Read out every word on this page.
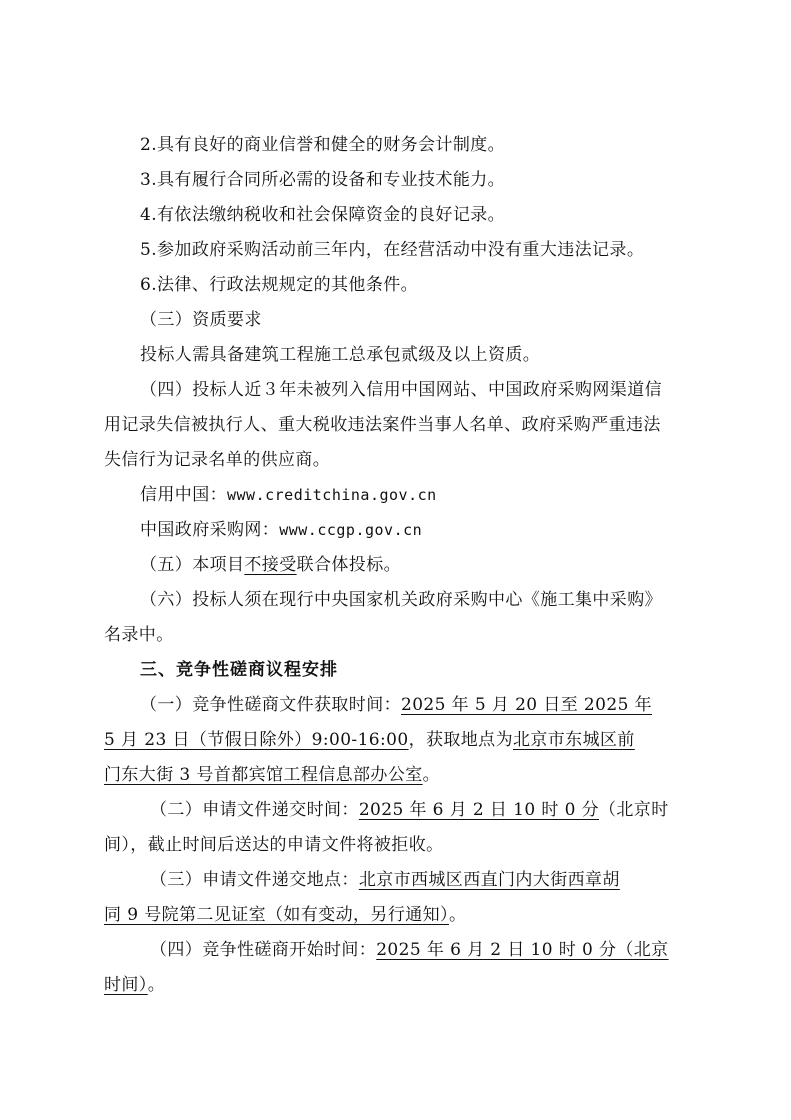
2.具有良好的商业信誉和健全的财务会计制度。
3.具有履行合同所必需的设备和专业技术能力。
4.有依法缴纳税收和社会保障资金的良好记录。
5.参加政府采购活动前三年内，在经营活动中没有重大违法记录。
6.法律、行政法规规定的其他条件。
（三）资质要求
投标人需具备建筑工程施工总承包贰级及以上资质。
（四）投标人近３年未被列入信用中国网站、中国政府采购网渠道信
用记录失信被执行人、重大税收违法案件当事人名单、政府采购严重违法
失信行为记录名单的供应商。
信用中国：www.creditchina.gov.cn
中国政府采购网：www.ccgp.gov.cn
（五）本项目不接受联合体投标。
（六）投标人须在现行中央国家机关政府采购中心《施工集中采购》
名录中。
三、竞争性磋商议程安排
（一）竞争性磋商文件获取时间：2025 年 5 月 20 日至 2025 年
5 月 23 日（节假日除外）9:00-16:00，获取地点为北京市东城区前
门东大街 3 号首都宾馆工程信息部办公室。
（二）申请文件递交时间：2025 年 6 月 2 日 10 时 0 分（北京时
间），截止时间后送达的申请文件将被拒收。
（三）申请文件递交地点：北京市西城区西直门内大街西章胡
同 9 号院第二见证室（如有变动，另行通知）。
（四）竞争性磋商开始时间：2025 年 6 月 2 日 10 时 0 分（北京
时间）。
